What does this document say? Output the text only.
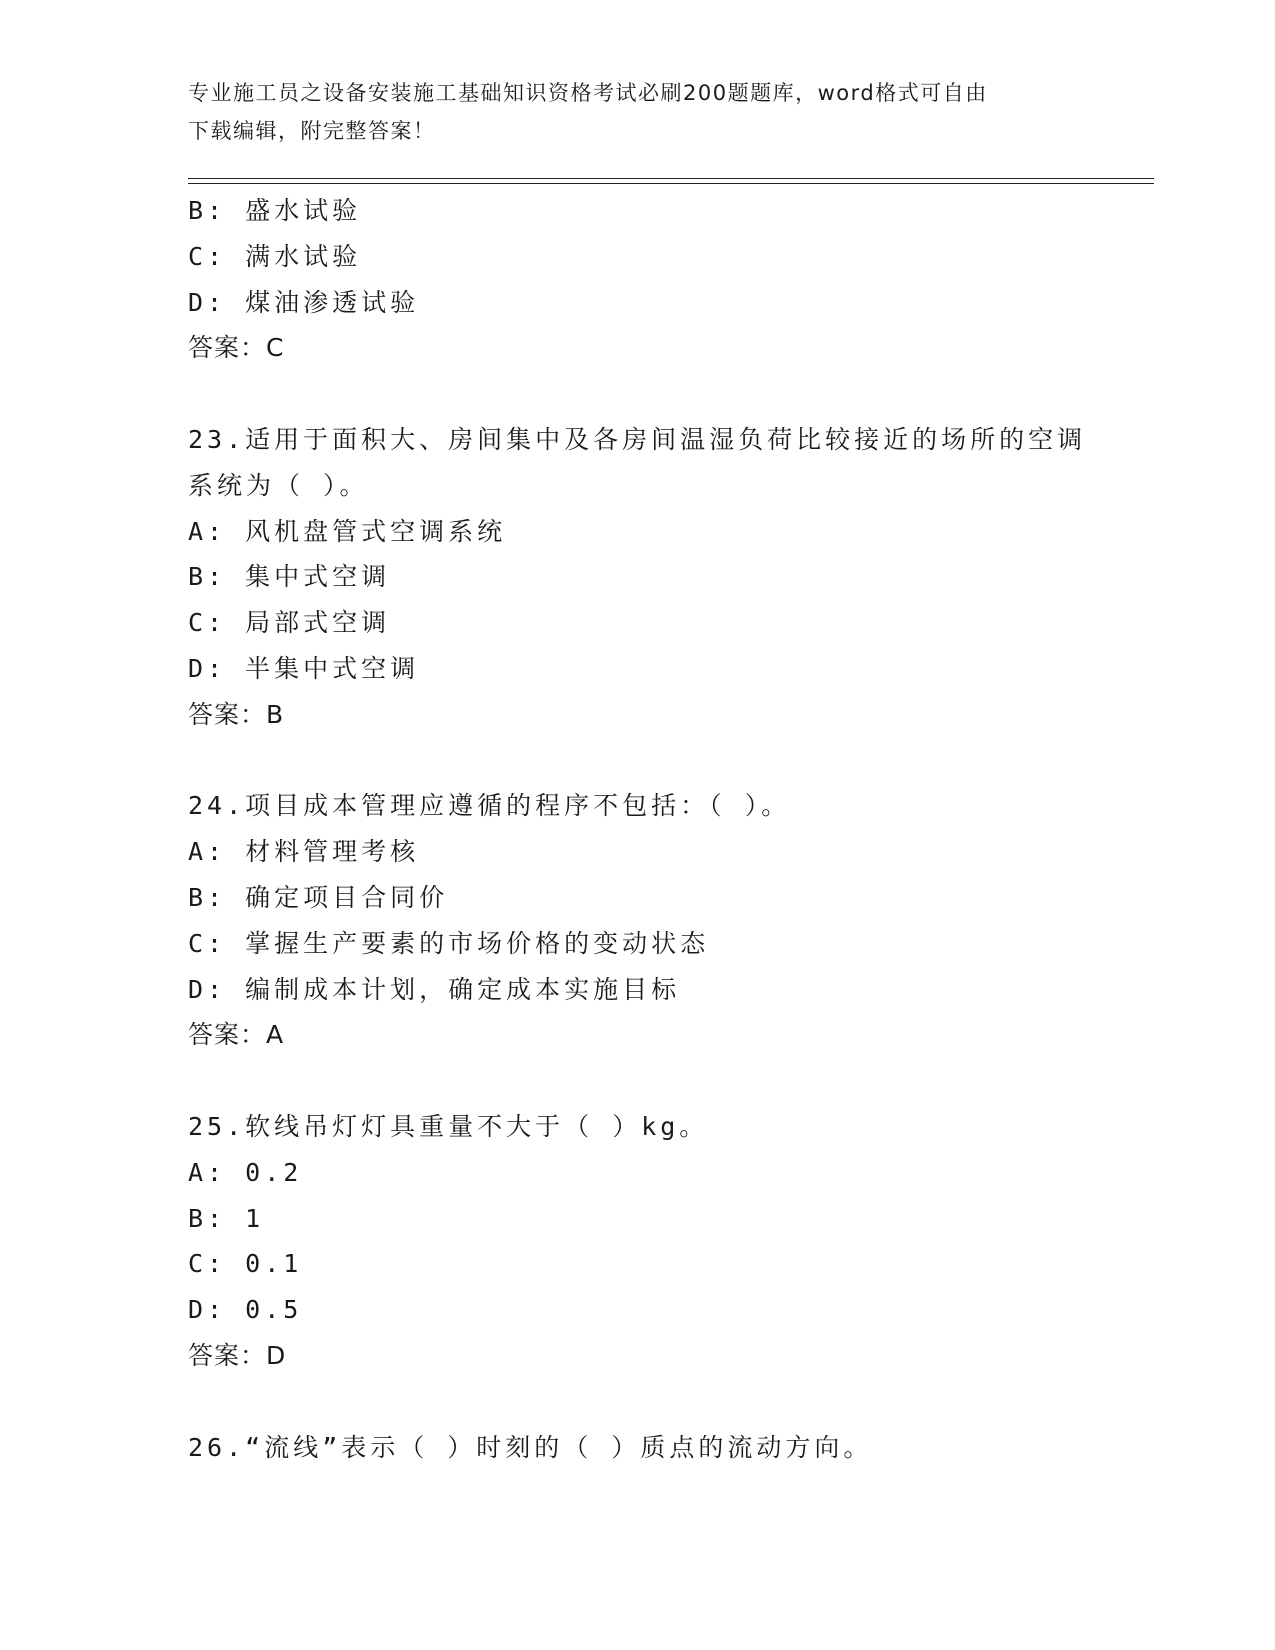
专业施工员之设备安装施工基础知识资格考试必刷200题题库，word格式可自由
下载编辑，附完整答案！
B: 盛水试验
C: 满水试验
D: 煤油渗透试验
答案：C
23.适用于面积大、房间集中及各房间温湿负荷比较接近的场所的空调
系统为（ ）。
A: 风机盘管式空调系统
B: 集中式空调
C: 局部式空调
D: 半集中式空调
答案：B
24.项目成本管理应遵循的程序不包括：（ ）。
A: 材料管理考核
B: 确定项目合同价
C: 掌握生产要素的市场价格的变动状态
D: 编制成本计划，确定成本实施目标
答案：A
25.软线吊灯灯具重量不大于（ ）kg。
A: 0.2
B: 1
C: 0.1
D: 0.5
答案：D
26.“流线”表示（ ）时刻的（ ）质点的流动方向。
